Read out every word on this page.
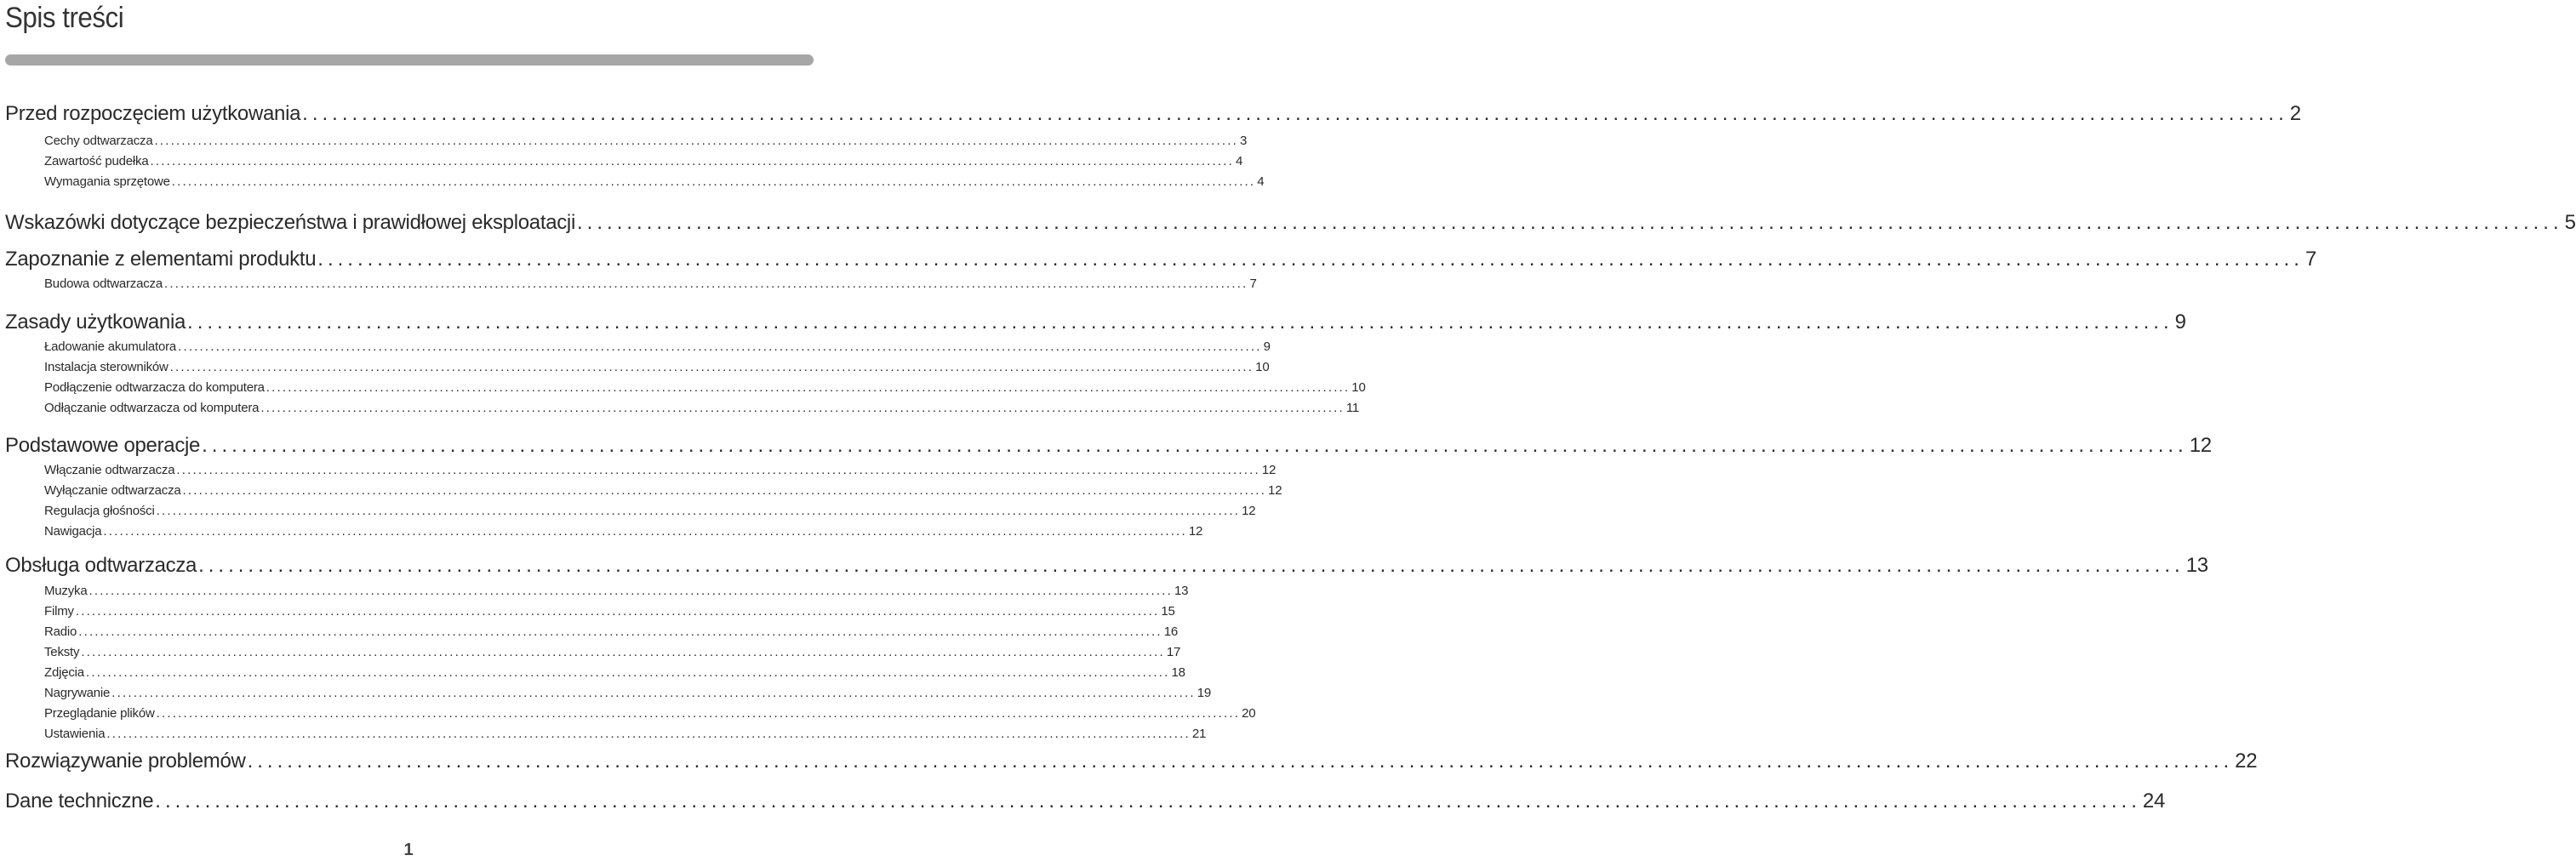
Spis treści
Przed rozpoczęciem użytkowania ........................................................................................................................................................................................................ 2
Cechy odtwarzacza ........................................................................................................................................................................................................ 3
Zawartość pudełka ........................................................................................................................................................................................................ 4
Wymagania sprzętowe ........................................................................................................................................................................................................ 4
Wskazówki dotyczące bezpieczeństwa i prawidłowej eksploatacji ........................................................................................................................................................................................................ 5
Zapoznanie z elementami produktu ........................................................................................................................................................................................................ 7
Budowa odtwarzacza ........................................................................................................................................................................................................ 7
Zasady użytkowania ........................................................................................................................................................................................................ 9
Ładowanie akumulatora ........................................................................................................................................................................................................ 9
Instalacja sterowników ........................................................................................................................................................................................................ 10
Podłączenie odtwarzacza do komputera ........................................................................................................................................................................................................ 10
Odłączanie odtwarzacza od komputera ........................................................................................................................................................................................................ 11
Podstawowe operacje ........................................................................................................................................................................................................ 12
Włączanie odtwarzacza ........................................................................................................................................................................................................ 12
Wyłączanie odtwarzacza ........................................................................................................................................................................................................ 12
Regulacja głośności ........................................................................................................................................................................................................ 12
Nawigacja ........................................................................................................................................................................................................ 12
Obsługa odtwarzacza ........................................................................................................................................................................................................ 13
Muzyka ........................................................................................................................................................................................................ 13
Filmy ........................................................................................................................................................................................................ 15
Radio ........................................................................................................................................................................................................ 16
Teksty ........................................................................................................................................................................................................ 17
Zdjęcia ........................................................................................................................................................................................................ 18
Nagrywanie ........................................................................................................................................................................................................ 19
Przeglądanie plików ........................................................................................................................................................................................................ 20
Ustawienia ........................................................................................................................................................................................................ 21
Rozwiązywanie problemów ........................................................................................................................................................................................................ 22
Dane techniczne ........................................................................................................................................................................................................ 24
1
